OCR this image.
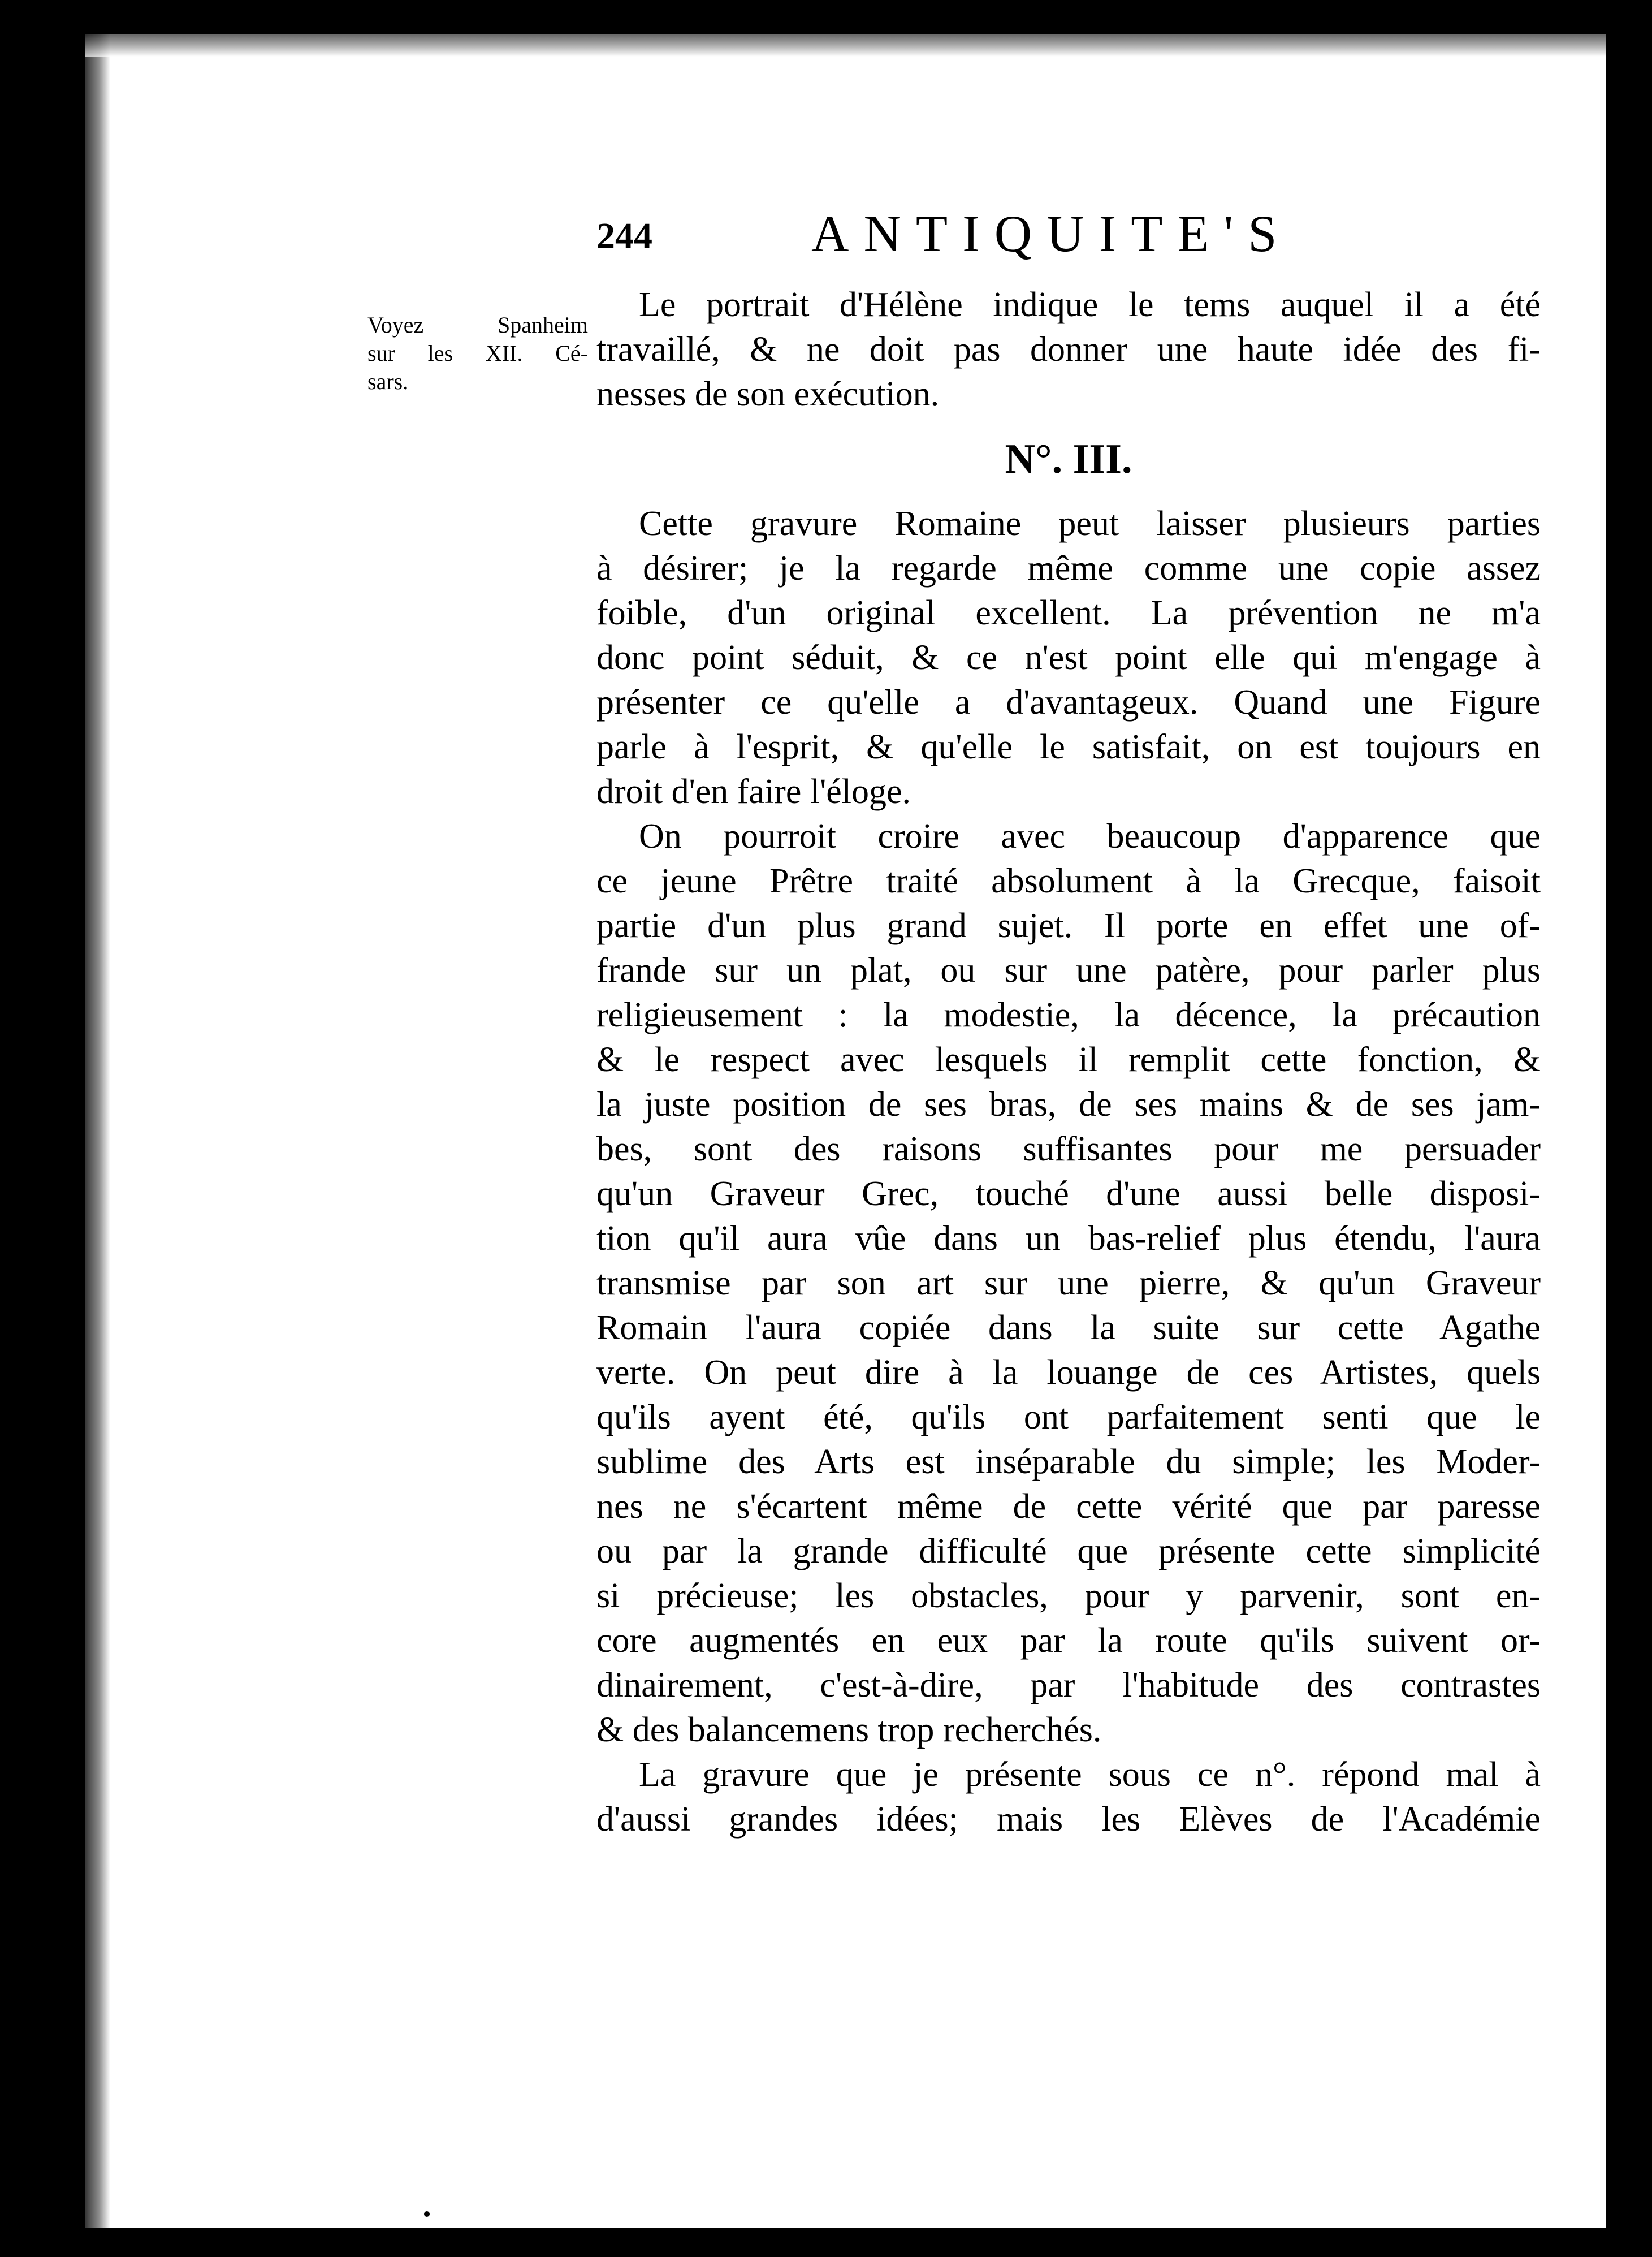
244	ANTIQUITE'S
Voyez Spanheim
sur les XII. Cé-
sars.
Le portrait d'Hélène indique le tems auquel il a été
travaillé, & ne doit pas donner une haute idée des fi-
nesses de son exécution.
N°. III.
Cette gravure Romaine peut laisser plusieurs parties
à désirer; je la regarde même comme une copie assez
foible, d'un original excellent. La prévention ne m'a
donc point séduit, & ce n'est point elle qui m'engage à
présenter ce qu'elle a d'avantageux. Quand une Figure
parle à l'esprit, & qu'elle le satisfait, on est toujours en
droit d'en faire l'éloge.
On pourroit croire avec beaucoup d'apparence que
ce jeune Prêtre traité absolument à la Grecque, faisoit
partie d'un plus grand sujet. Il porte en effet une of-
frande sur un plat, ou sur une patère, pour parler plus
religieusement : la modestie, la décence, la précaution
& le respect avec lesquels il remplit cette fonction, &
la juste position de ses bras, de ses mains & de ses jam-
bes, sont des raisons suffisantes pour me persuader
qu'un Graveur Grec, touché d'une aussi belle disposi-
tion qu'il aura vûe dans un bas-relief plus étendu, l'aura
transmise par son art sur une pierre, & qu'un Graveur
Romain l'aura copiée dans la suite sur cette Agathe
verte. On peut dire à la louange de ces Artistes, quels
qu'ils ayent été, qu'ils ont parfaitement senti que le
sublime des Arts est inséparable du simple; les Moder-
nes ne s'écartent même de cette vérité que par paresse
ou par la grande difficulté que présente cette simplicité
si précieuse; les obstacles, pour y parvenir, sont en-
core augmentés en eux par la route qu'ils suivent or-
dinairement, c'est-à-dire, par l'habitude des contrastes
& des balancemens trop recherchés.
La gravure que je présente sous ce n°. répond mal à
d'aussi grandes idées; mais les Elèves de l'Académie
